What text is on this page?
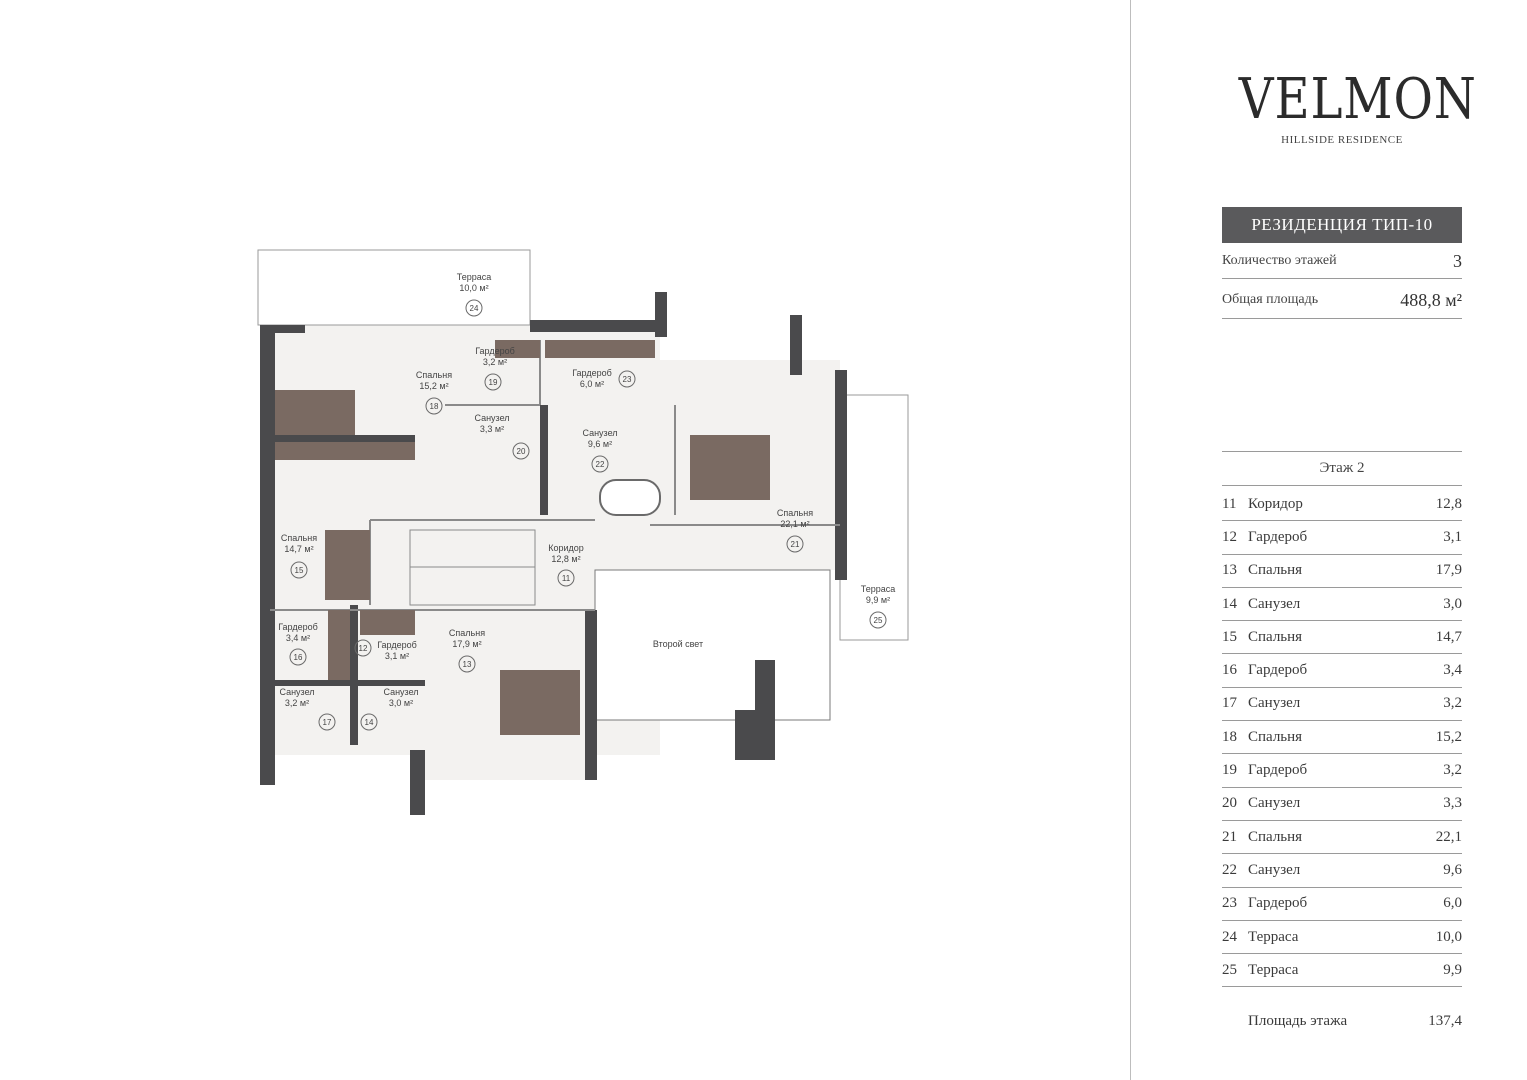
Терраса
10,0 м²
24
Спальня
15,2 м²
18
Гардероб
3,2 м²
19
Гардероб
6,0 м² 23
Санузел
3,3 м²
20
Санузел
9,6 м²
22
Спальня
22,1 м²
21
Спальня
14,7 м²
15
Коридор
12,8 м²
11
Терраса
9,9 м²
25
Гардероб
3,4 м²
16
Гардероб
3,1 м²
12
Спальня
17,9 м²
13
Второй свет
Санузел
3,2 м²
17
Санузел
3,0 м²
14
VELMON
HILLSIDE RESIDENCE
РЕЗИДЕНЦИЯ ТИП-10
Количество этажей	3
Общая площадь	488,8 м²
Этаж 2
11 Коридор	12,8
12 Гардероб	3,1
13 Спальня	17,9
14 Санузел	3,0
15 Спальня	14,7
16 Гардероб	3,4
17 Санузел	3,2
18 Спальня	15,2
19 Гардероб	3,2
20 Санузел	3,3
21 Спальня	22,1
22 Санузел	9,6
23 Гардероб	6,0
24 Терраса	10,0
25 Терраса	9,9
Площадь этажа	137,4
